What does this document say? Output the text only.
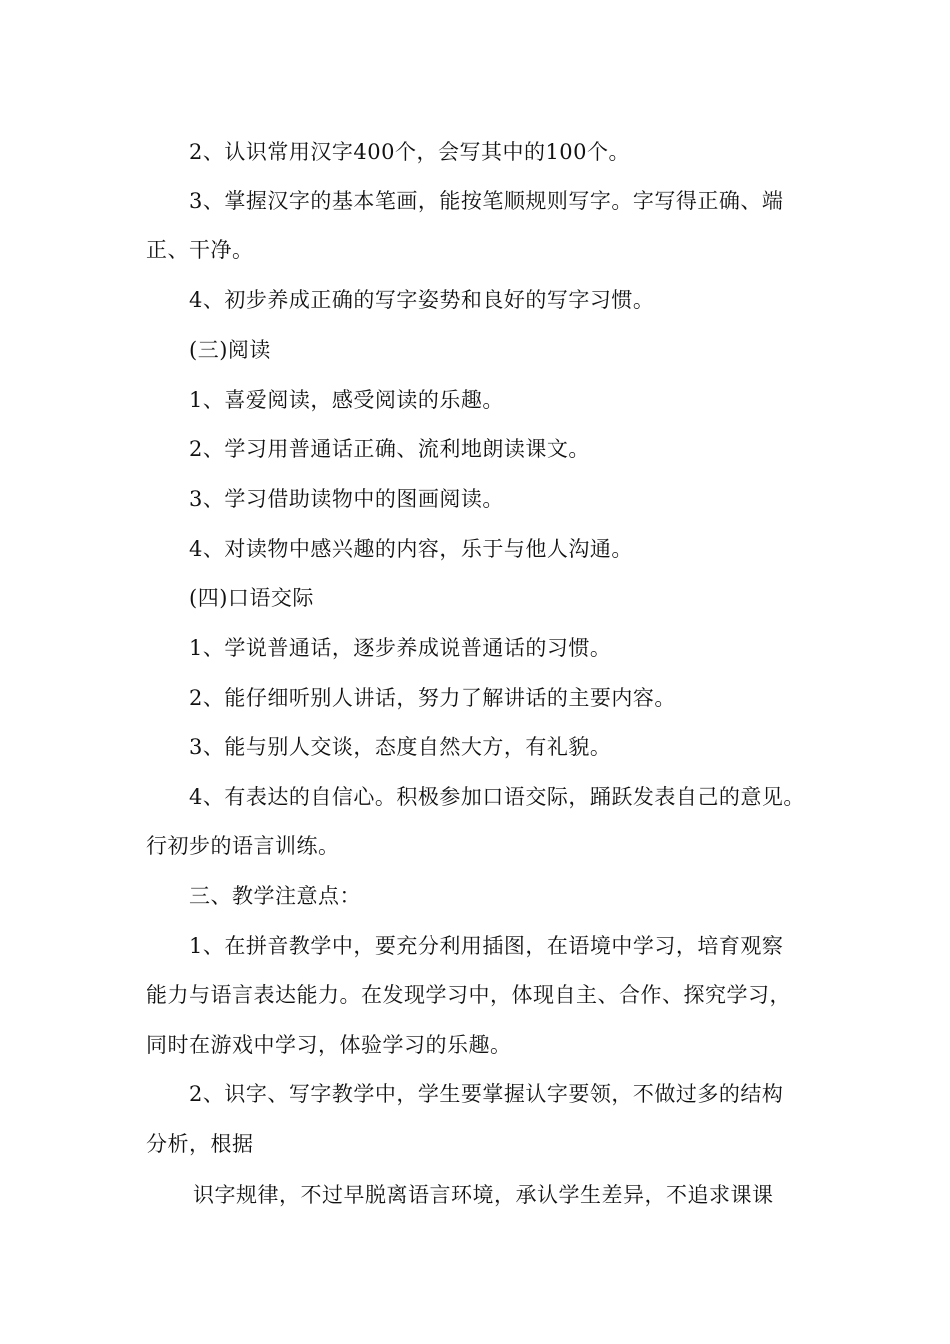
2、认识常用汉字400个，会写其中的100个。
3、掌握汉字的基本笔画，能按笔顺规则写字。字写得正确、端
正、干净。
4、初步养成正确的写字姿势和良好的写字习惯。
(三)阅读
1、喜爱阅读，感受阅读的乐趣。
2、学习用普通话正确、流利地朗读课文。
3、学习借助读物中的图画阅读。
4、对读物中感兴趣的内容，乐于与他人沟通。
(四)口语交际
1、学说普通话，逐步养成说普通话的习惯。
2、能仔细听别人讲话，努力了解讲话的主要内容。
3、能与别人交谈，态度自然大方，有礼貌。
4、有表达的自信心。积极参加口语交际，踊跃发表自己的意见。
行初步的语言训练。
三、教学注意点：
1、在拼音教学中，要充分利用插图，在语境中学习，培育观察
能力与语言表达能力。在发现学习中，体现自主、合作、探究学习，
同时在游戏中学习，体验学习的乐趣。
2、识字、写字教学中，学生要掌握认字要领，不做过多的结构
分析，根据
识字规律，不过早脱离语言环境，承认学生差异，不追求课课
